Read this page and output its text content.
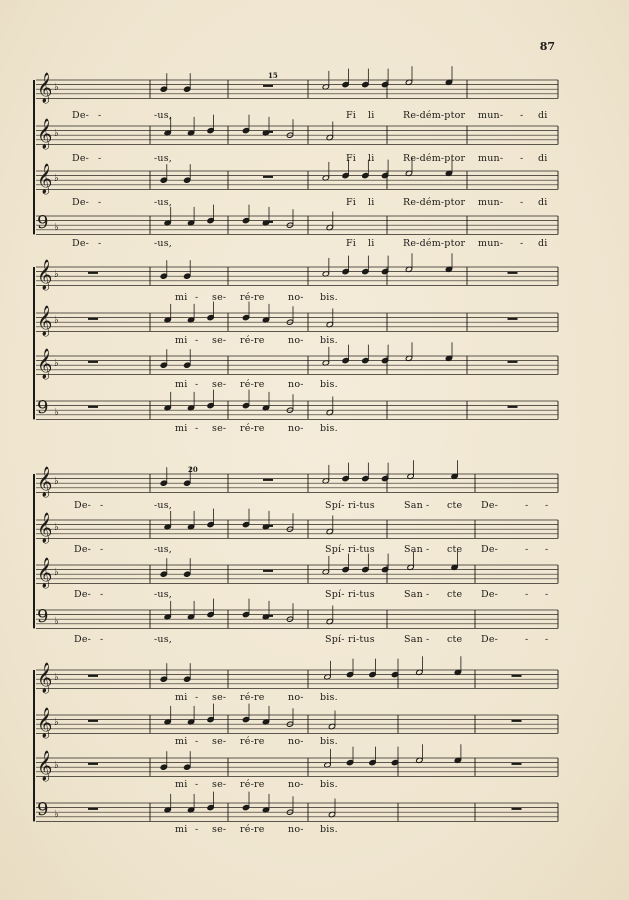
87
𝄞 ♭
De- -	-us,	Fi li	Re-dém-ptor mun- - di
𝄞 ♭
De- -	-us,	Fi li	Re-dém-ptor mun- - di
𝄞 ♭
De- -	-us,	Fi li	Re-dém-ptor mun- - di
9 ♭
De- -	-us,	Fi li	Re-dém-ptor mun- - di
15
𝄞 ♭
mi - se- ré-re no- bis.
𝄞 ♭
mi - se- ré-re no- bis.
𝄞 ♭
mi - se- ré-re no- bis.
9 ♭
mi - se- ré-re no- bis.
𝄞 ♭
De- -	-us,	Spí- ri-tus	San - cte De-	- -
𝄞 ♭
De- -	-us,	Spí- ri-tus	San - cte De-	- -
𝄞 ♭
De- -	-us,	Spí- ri-tus	San - cte De-	- -
9 ♭
De- -	-us,	Spí- ri-tus	San - cte De-	- -
20
𝄞 ♭
mi - se- ré-re no- bis.
𝄞 ♭
mi - se- ré-re no- bis.
𝄞 ♭
mi - se- ré-re no- bis.
9 ♭
mi - se- ré-re no- bis.
